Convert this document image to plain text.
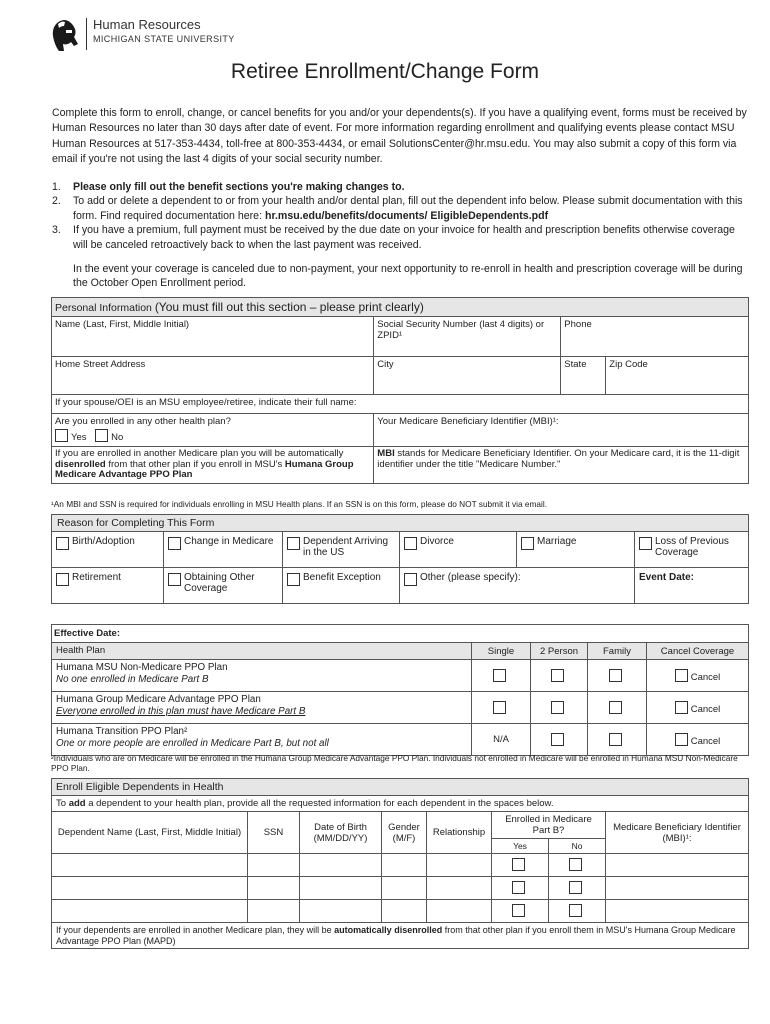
Human Resources
MICHIGAN STATE UNIVERSITY
Retiree Enrollment/Change Form

Complete this form to enroll, change, or cancel benefits for you and/or your dependents(s). If you have a qualifying event, forms must be received by Human Resources no later than 30 days after date of event. For more information regarding enrollment and qualifying events please contact MSU Human Resources at 517-353-4434, toll-free at 800-353-4434, or email SolutionsCenter@hr.msu.edu. You may also submit a copy of this form via email if you're not using the last 4 digits of your social security number.

1.	Please only fill out the benefit sections you're making changes to.
2.	To add or delete a dependent to or from your health and/or dental plan, fill out the dependent info below. Please submit documentation with this form. Find required documentation here: hr.msu.edu/benefits/documents/ EligibleDependents.pdf
3.	If you have a premium, full payment must be received by the due date on your invoice for health and prescription benefits otherwise coverage will be canceled retroactively back to when the last payment was received.

In the event your coverage is canceled due to non-payment, your next opportunity to re-enroll in health and prescription coverage will be during the October Open Enrollment period.

Personal Information (You must fill out this section – please print clearly)			
Name (Last, First, Middle Initial)	Social Security Number (last 4 digits) or ZPID¹	Phone	
Home Street Address	City	State	Zip Code
If your spouse/OEI is an MSU employee/retiree, indicate their full name:			

Are you enrolled in any other health plan?
Yes No	Your Medicare Beneficiary Identifier (MBI)¹:		
If you are enrolled in another Medicare plan you will be automatically disenrolled from that other plan if you enroll in MSU's Humana Group Medicare Advantage PPO Plan	MBI stands for Medicare Beneficiary Identifier. On your Medicare card, it is the 11-digit identifier under the title "Medicare Number."		
¹An MBI and SSN is required for individuals enrolling in MSU Health plans. If an SSN is on this form, please do NOT submit it via email.
Reason for Completing This Form					

Birth/Adoption	Change in Medicare	Dependent Arriving in the US	Divorce	Marriage	Loss of Previous Coverage

Retirement	Obtaining Other Coverage	Benefit Exception	Other (please specify):		Event Date:
Effective Date:				
Health Plan	Single	2 Person	Family	Cancel Coverage

Humana MSU Non-Medicare PPO Plan
No one enrolled in Medicare Part B				Cancel

Humana Group Medicare Advantage PPO Plan
Everyone enrolled in this plan must have Medicare Part B				Cancel

Humana Transition PPO Plan²
One or more people are enrolled in Medicare Part B, but not all	N/A			Cancel
²Individuals who are on Medicare will be enrolled in the Humana Group Medicare Advantage PPO Plan. Individuals not enrolled in Medicare will be enrolled in Humana MSU Non-Medicare PPO Plan.
Enroll Eligible Dependents in Health							
To add a dependent to your health plan, provide all the requested information for each dependent in the spaces below.							
Dependent Name (Last, First, Middle Initial)	SSN	Date of Birth (MM/DD/YY)	Gender (M/F)	Relationship	Enrolled in Medicare Part B?		Medicare Beneficiary Identifier (MBI)¹:
					Yes	No	

If your dependents are enrolled in another Medicare plan, they will be automatically disenrolled from that other plan if you enroll them in MSU's Humana Group Medicare Advantage PPO Plan (MAPD)							
